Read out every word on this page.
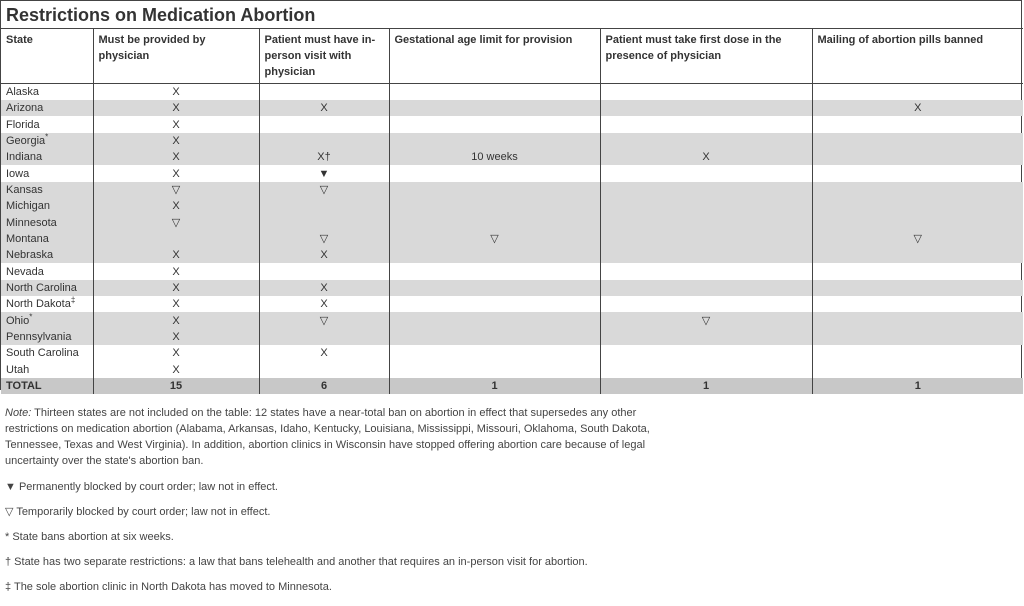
Restrictions on Medication Abortion
State	Must be provided by physician	Patient must have in-person visit with physician	Gestational age limit for provision	Patient must take first dose in the presence of physician	Mailing of abortion pills banned
Alaska	X				
Arizona	X	X			X
Florida	X				
Georgia*	X				
Indiana	X	X†	10 weeks	X	
Iowa	X	▼			
Kansas	▽	▽			
Michigan	X				
Minnesota	▽				
Montana		▽	▽		▽
Nebraska	X	X			
Nevada	X				
North Carolina	X	X			
North Dakota‡	X	X			
Ohio*	X	▽		▽	
Pennsylvania	X				
South Carolina	X	X			
Utah	X				
TOTAL	15	6	1	1	1

Note: Thirteen states are not included on the table: 12 states have a near-total ban on abortion in effect that supersedes any other restrictions on medication abortion (Alabama, Arkansas, Idaho, Kentucky, Louisiana, Mississippi, Missouri, Oklahoma, South Dakota, Tennessee, Texas and West Virginia). In addition, abortion clinics in Wisconsin have stopped offering abortion care because of legal uncertainty over the state's abortion ban.

▼ Permanently blocked by court order; law not in effect.

▽ Temporarily blocked by court order; law not in effect.

* State bans abortion at six weeks.

† State has two separate restrictions: a law that bans telehealth and another that requires an in-person visit for abortion.

‡ The sole abortion clinic in North Dakota has moved to Minnesota.
